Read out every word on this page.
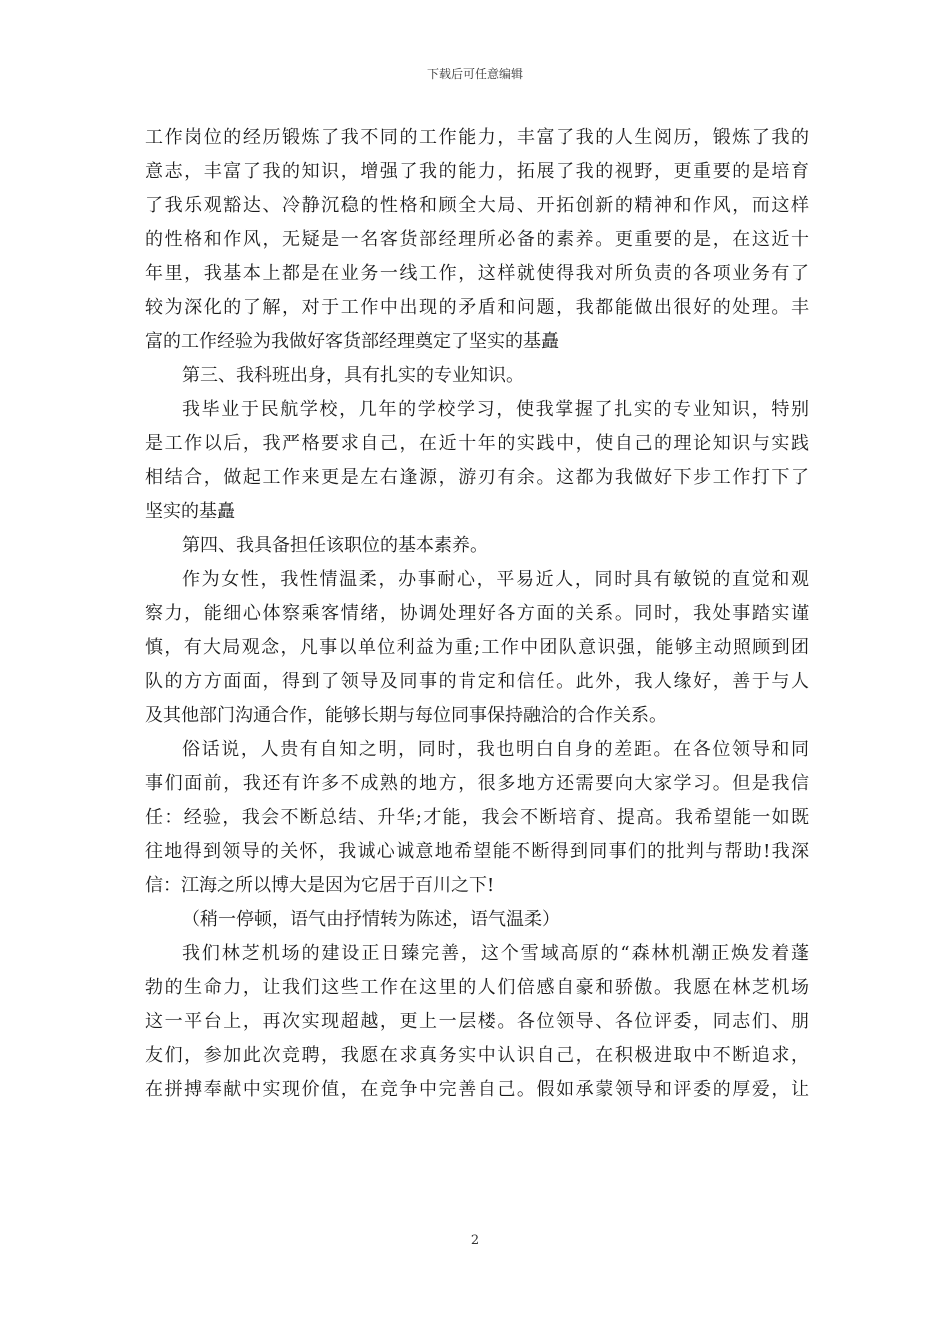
下载后可任意编辑
工作岗位的经历锻炼了我不同的工作能力，丰富了我的人生阅历，锻炼了我的
意志，丰富了我的知识，增强了我的能力，拓展了我的视野，更重要的是培育
了我乐观豁达、冷静沉稳的性格和顾全大局、开拓创新的精神和作风，而这样
的性格和作风，无疑是一名客货部经理所必备的素养。更重要的是，在这近十
年里，我基本上都是在业务一线工作，这样就使得我对所负责的各项业务有了
较为深化的了解，对于工作中出现的矛盾和问题，我都能做出很好的处理。丰
富的工作经验为我做好客货部经理奠定了坚实的基矗
第三、我科班出身，具有扎实的专业知识。
我毕业于民航学校，几年的学校学习，使我掌握了扎实的专业知识，特别
是工作以后，我严格要求自己，在近十年的实践中，使自己的理论知识与实践
相结合，做起工作来更是左右逢源，游刃有余。这都为我做好下步工作打下了
坚实的基矗
第四、我具备担任该职位的基本素养。
作为女性，我性情温柔，办事耐心，平易近人，同时具有敏锐的直觉和观
察力，能细心体察乘客情绪，协调处理好各方面的关系。同时，我处事踏实谨
慎，有大局观念，凡事以单位利益为重;工作中团队意识强，能够主动照顾到团
队的方方面面，得到了领导及同事的肯定和信任。此外，我人缘好，善于与人
及其他部门沟通合作，能够长期与每位同事保持融洽的合作关系。
俗话说，人贵有自知之明，同时，我也明白自身的差距。在各位领导和同
事们面前，我还有许多不成熟的地方，很多地方还需要向大家学习。但是我信
任：经验，我会不断总结、升华;才能，我会不断培育、提高。我希望能一如既
往地得到领导的关怀，我诚心诚意地希望能不断得到同事们的批判与帮助!我深
信：江海之所以博大是因为它居于百川之下!
（稍一停顿，语气由抒情转为陈述，语气温柔）
我们林芝机场的建设正日臻完善，这个雪域高原的“森林机潮正焕发着蓬
勃的生命力，让我们这些工作在这里的人们倍感自豪和骄傲。我愿在林芝机场
这一平台上，再次实现超越，更上一层楼。各位领导、各位评委，同志们、朋
友们，参加此次竞聘，我愿在求真务实中认识自己，在积极进取中不断追求，
在拼搏奉献中实现价值，在竞争中完善自己。假如承蒙领导和评委的厚爱，让
2
